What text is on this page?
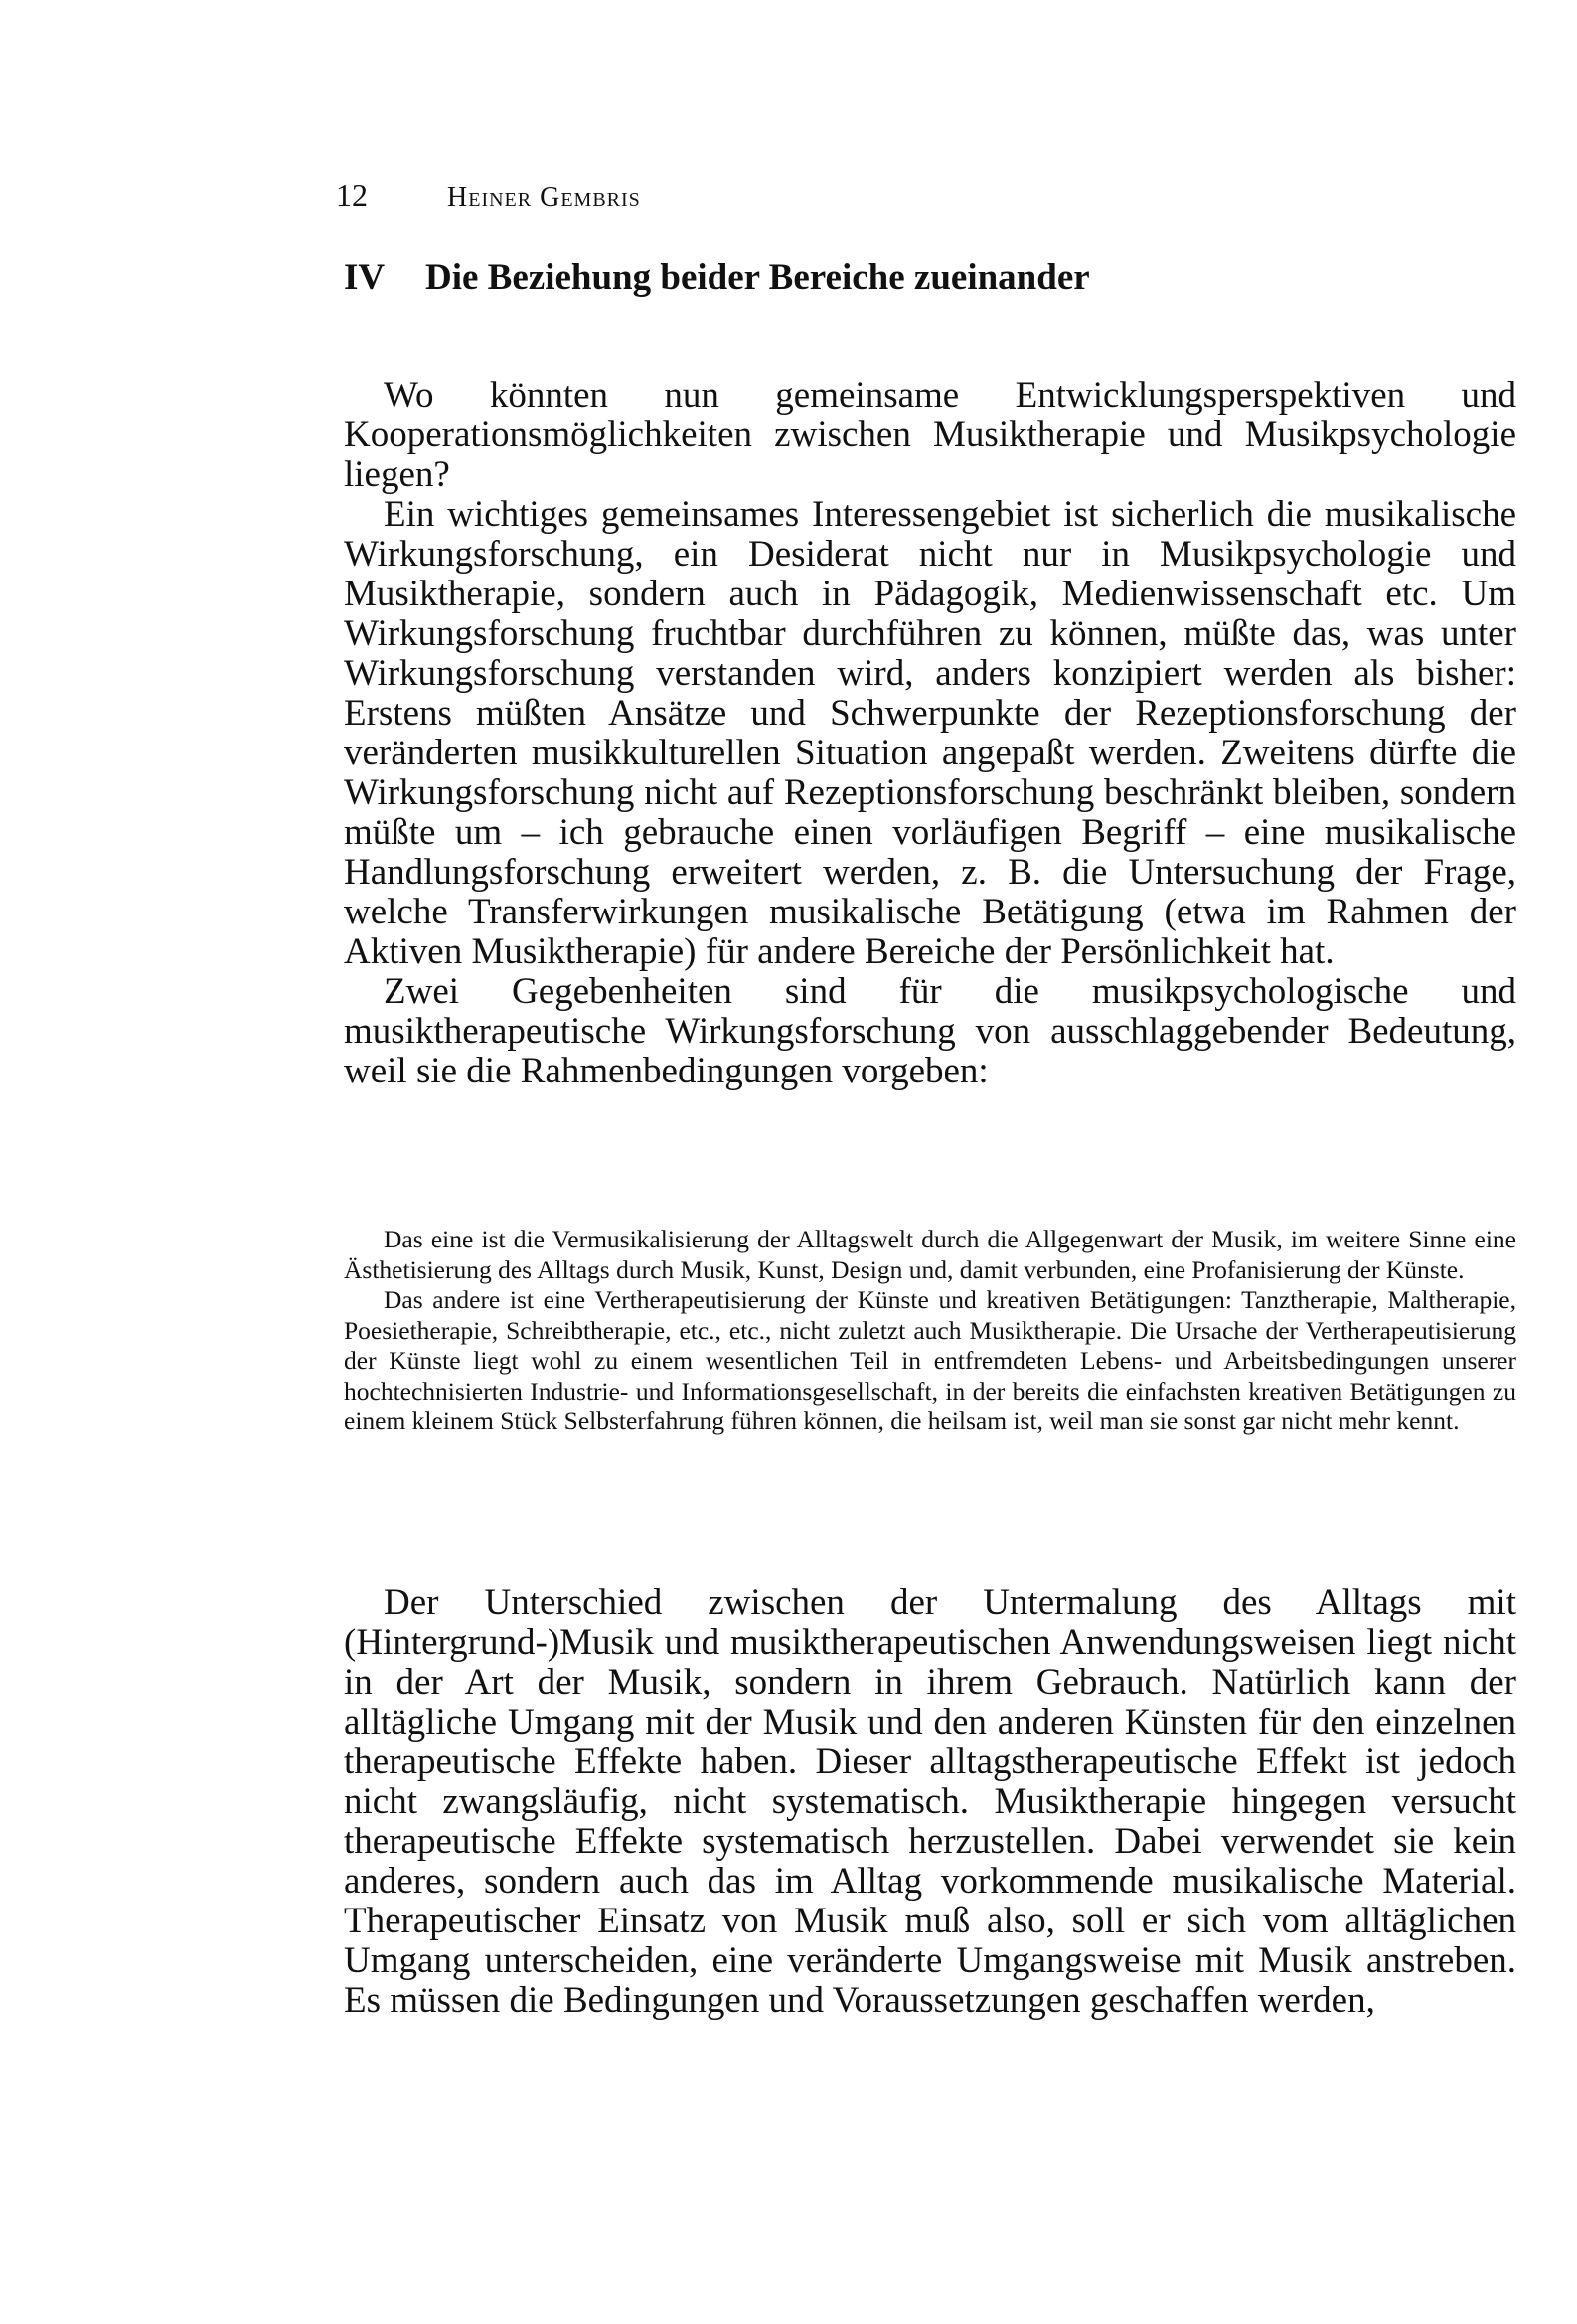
12	Heiner Gembris
IV Die Beziehung beider Bereiche zueinander

Wo könnten nun gemeinsame Entwicklungsperspektiven und Kooperationsmöglichkeiten zwischen Musiktherapie und Musikpsychologie liegen?

Ein wichtiges gemeinsames Interessengebiet ist sicherlich die musikalische Wirkungsforschung, ein Desiderat nicht nur in Musikpsychologie und Musiktherapie, sondern auch in Pädagogik, Medienwissenschaft etc. Um Wirkungsforschung fruchtbar durchführen zu können, müßte das, was unter Wirkungsforschung verstanden wird, anders konzipiert werden als bisher: Erstens müßten Ansätze und Schwerpunkte der Rezeptionsforschung der veränderten musikkulturellen Situation angepaßt werden. Zweitens dürfte die Wirkungsforschung nicht auf Rezeptionsforschung beschränkt bleiben, sondern müßte um – ich gebrauche einen vorläufigen Begriff – eine musikalische Handlungsforschung erweitert werden, z. B. die Untersuchung der Frage, welche Transferwirkungen musikalische Betätigung (etwa im Rahmen der Aktiven Musiktherapie) für andere Bereiche der Persönlichkeit hat.

Zwei Gegebenheiten sind für die musikpsychologische und musiktherapeutische Wirkungsforschung von ausschlaggebender Bedeutung, weil sie die Rahmenbedingungen vorgeben:

Das eine ist die Vermusikalisierung der Alltagswelt durch die Allgegenwart der Musik, im weitere Sinne eine Ästhetisierung des Alltags durch Musik, Kunst, Design und, damit verbunden, eine Profanisierung der Künste.

Das andere ist eine Vertherapeutisierung der Künste und kreativen Betätigungen: Tanztherapie, Maltherapie, Poesietherapie, Schreibtherapie, etc., etc., nicht zuletzt auch Musiktherapie. Die Ursache der Vertherapeutisierung der Künste liegt wohl zu einem wesentlichen Teil in entfremdeten Lebens- und Arbeitsbedingungen unserer hochtechnisierten Industrie- und Informationsgesellschaft, in der bereits die einfachsten kreativen Betätigungen zu einem kleinem Stück Selbsterfahrung führen können, die heilsam ist, weil man sie sonst gar nicht mehr kennt.

Der Unterschied zwischen der Untermalung des Alltags mit (Hintergrund-)Musik und musiktherapeutischen Anwendungsweisen liegt nicht in der Art der Musik, sondern in ihrem Gebrauch. Natürlich kann der alltägliche Umgang mit der Musik und den anderen Künsten für den einzelnen therapeutische Effekte haben. Dieser alltagstherapeutische Effekt ist jedoch nicht zwangsläufig, nicht systematisch. Musiktherapie hingegen versucht therapeutische Effekte systematisch herzustellen. Dabei verwendet sie kein anderes, sondern auch das im Alltag vorkommende musikalische Material. Therapeutischer Einsatz von Musik muß also, soll er sich vom alltäglichen Umgang unterscheiden, eine veränderte Umgangsweise mit Musik anstreben. Es müssen die Bedingungen und Voraussetzungen geschaffen werden,
